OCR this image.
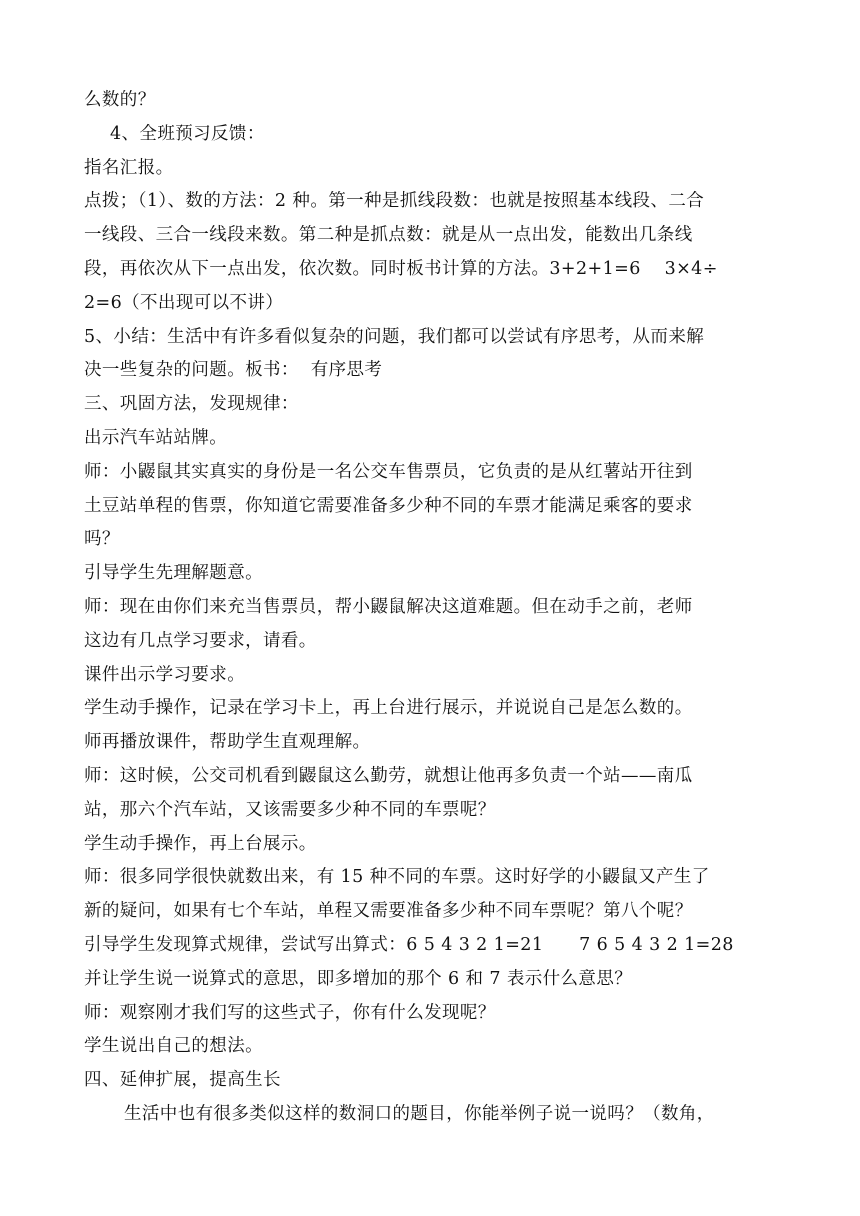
么数的？
4、全班预习反馈：
指名汇报。
点拨；（1）、数的方法：2 种。第一种是抓线段数：也就是按照基本线段、二合
一线段、三合一线段来数。第二种是抓点数：就是从一点出发，能数出几条线
段，再依次从下一点出发，依次数。同时板书计算的方法。3+2+1=6    3×4÷
2=6（不出现可以不讲）
5、小结：生活中有许多看似复杂的问题，我们都可以尝试有序思考，从而来解
决一些复杂的问题。板书：  有序思考
三、巩固方法，发现规律：
出示汽车站站牌。
师：小鼹鼠其实真实的身份是一名公交车售票员，它负责的是从红薯站开往到
土豆站单程的售票，你知道它需要准备多少种不同的车票才能满足乘客的要求
吗？
引导学生先理解题意。
师：现在由你们来充当售票员，帮小鼹鼠解决这道难题。但在动手之前，老师
这边有几点学习要求，请看。
课件出示学习要求。
学生动手操作，记录在学习卡上，再上台进行展示，并说说自己是怎么数的。
师再播放课件，帮助学生直观理解。
师：这时候，公交司机看到鼹鼠这么勤劳，就想让他再多负责一个站——南瓜
站，那六个汽车站，又该需要多少种不同的车票呢？
学生动手操作，再上台展示。
师：很多同学很快就数出来，有 15 种不同的车票。这时好学的小鼹鼠又产生了
新的疑问，如果有七个车站，单程又需要准备多少种不同车票呢？第八个呢？
引导学生发现算式规律，尝试写出算式：6 5 4 3 2 1=21      7 6 5 4 3 2 1=28
并让学生说一说算式的意思，即多增加的那个 6 和 7 表示什么意思？
师：观察刚才我们写的这些式子，你有什么发现呢？
学生说出自己的想法。
四、延伸扩展，提高生长
生活中也有很多类似这样的数洞口的题目，你能举例子说一说吗？（数角，
